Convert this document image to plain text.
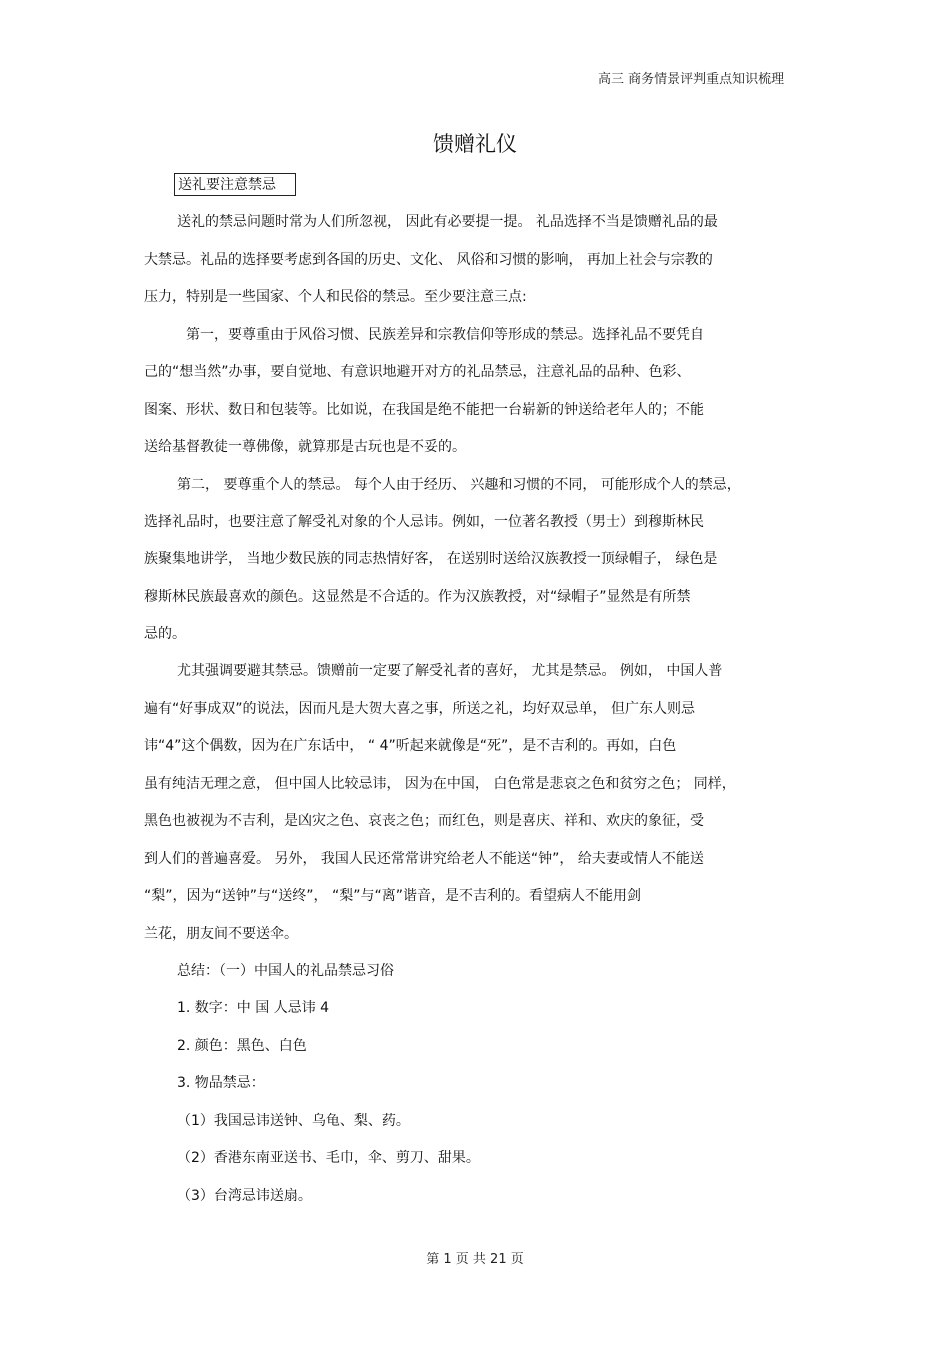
高三 商务情景评判重点知识梳理
馈赠礼仪
送礼要注意禁忌
送礼的禁忌问题时常为人们所忽视， 因此有必要提一提。 礼品选择不当是馈赠礼品的最
大禁忌。礼品的选择要考虑到各国的历史、文化、 风俗和习惯的影响， 再加上社会与宗教的
压力，特别是一些国家、个人和民俗的禁忌。至少要注意三点:
第一，要尊重由于风俗习惯、民族差异和宗教信仰等形成的禁忌。选择礼品不要凭自
己的“想当然”办事，要自觉地、有意识地避开对方的礼品禁忌，注意礼品的品种、色彩、
图案、形状、数日和包装等。比如说，在我国是绝不能把一台崭新的钟送给老年人的；不能
送给基督教徒一尊佛像，就算那是古玩也是不妥的。
第二， 要尊重个人的禁忌。 每个人由于经历、 兴趣和习惯的不同， 可能形成个人的禁忌，
选择礼品时，也要注意了解受礼对象的个人忌讳。例如，一位著名教授（男士）到穆斯林民
族聚集地讲学， 当地少数民族的同志热情好客， 在送别时送给汉族教授一顶绿帽子， 绿色是
穆斯林民族最喜欢的颜色。这显然是不合适的。作为汉族教授，对“绿帽子”显然是有所禁
忌的。
尤其强调要避其禁忌。馈赠前一定要了解受礼者的喜好， 尤其是禁忌。 例如， 中国人普
遍有“好事成双”的说法，因而凡是大贺大喜之事，所送之礼，均好双忌单， 但广东人则忌
讳“4”这个偶数，因为在广东话中， “ 4”听起来就像是“死”，是不吉利的。再如，白色
虽有纯洁无理之意， 但中国人比较忌讳， 因为在中国， 白色常是悲哀之色和贫穷之色； 同样，
黑色也被视为不吉利，是凶灾之色、哀丧之色；而红色，则是喜庆、祥和、欢庆的象征，受
到人们的普遍喜爱。 另外， 我国人民还常常讲究给老人不能送“钟”， 给夫妻或情人不能送
“梨”，因为“送钟”与“送终”， “梨”与“离”谐音，是不吉利的。看望病人不能用剑
兰花，朋友间不要送伞。
总结：（一）中国人的礼品禁忌习俗
1. 数字：中 国 人忌讳 4
2. 颜色：黑色、白色
3. 物品禁忌：
（1）我国忌讳送钟、乌龟、梨、药。
（2）香港东南亚送书、毛巾，伞、剪刀、甜果。
（3）台湾忌讳送扇。
第 1 页 共 21 页
